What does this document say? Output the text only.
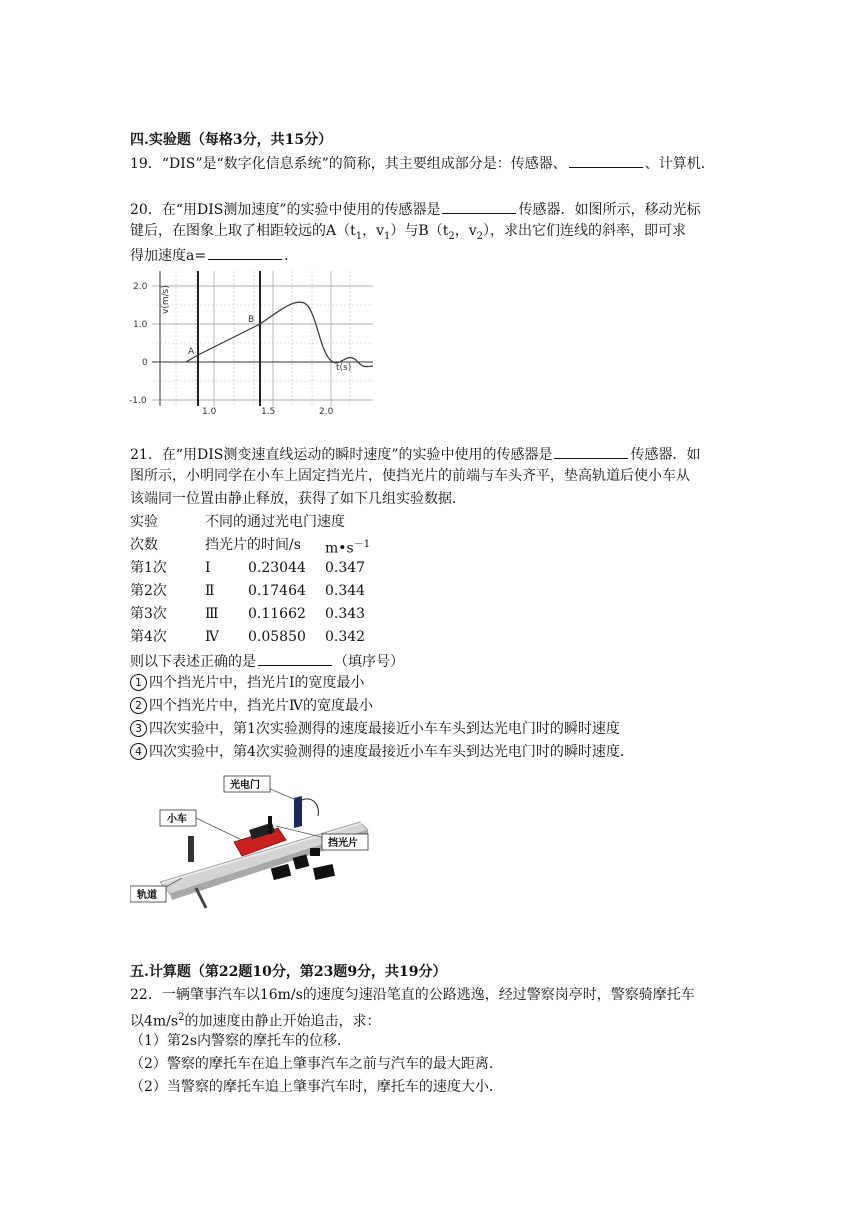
四.实验题（每格3分，共15分）
19．“DIS”是“数字化信息系统”的简称，其主要组成部分是：传感器、	、计算机．
20．在“用DIS测加速度”的实验中使用的传感器是	传感器．如图所示，移动光标
键后，在图象上取了相距较远的$A(t_1$，$v_1$）与$B(t_2$，$v_2$），求出它们连线的斜率，即可求
得加速度a=	．
2.0
1.0
0
-1.0
1.0	1.5	2.0
v(m/s)
t(s)
A
B
21．在“用DIS测变速直线运动的瞬时速度”的实验中使用的传感器是	传感器．如
图所示，小明同学在小车上固定挡光片，使挡光片的前端与车头齐平，垫高轨道后使小车从
该端同一位置由静止释放，获得了如下几组实验数据．
实验	不同的通过光电门速度
次数	挡光片的时间/s $m•s^{-1}$
第1次	Ⅰ	0.23044 0.347
第2次	Ⅱ 0.17464 0.344
第3次	Ⅲ 0.11662 0.343
第4次	Ⅳ 0.05850 0.342
则以下表述正确的是	（填序号）
1 四个挡光片中，挡光片I的宽度最小
2 四个挡光片中，挡光片Ⅳ的宽度最小
3 四次实验中，第1次实验测得的速度最接近小车车头到达光电门时的瞬时速度
4 四次实验中，第4次实验测得的速度最接近小车车头到达光电门时的瞬时速度．
光电门
小车
挡光片
轨道
五.计算题（第22题10分，第23题9分，共19分）
22．一辆肇事汽车以16m/s的速度匀速沿笔直的公路逃逸，经过警察岗亭时，警察骑摩托车
以$4m/s^2$的加速度由静止开始追击，求：
（1）第2s内警察的摩托车的位移．
（2）警察的摩托车在追上肇事汽车之前与汽车的最大距离．
（2）当警察的摩托车追上肇事汽车时，摩托车的速度大小．
